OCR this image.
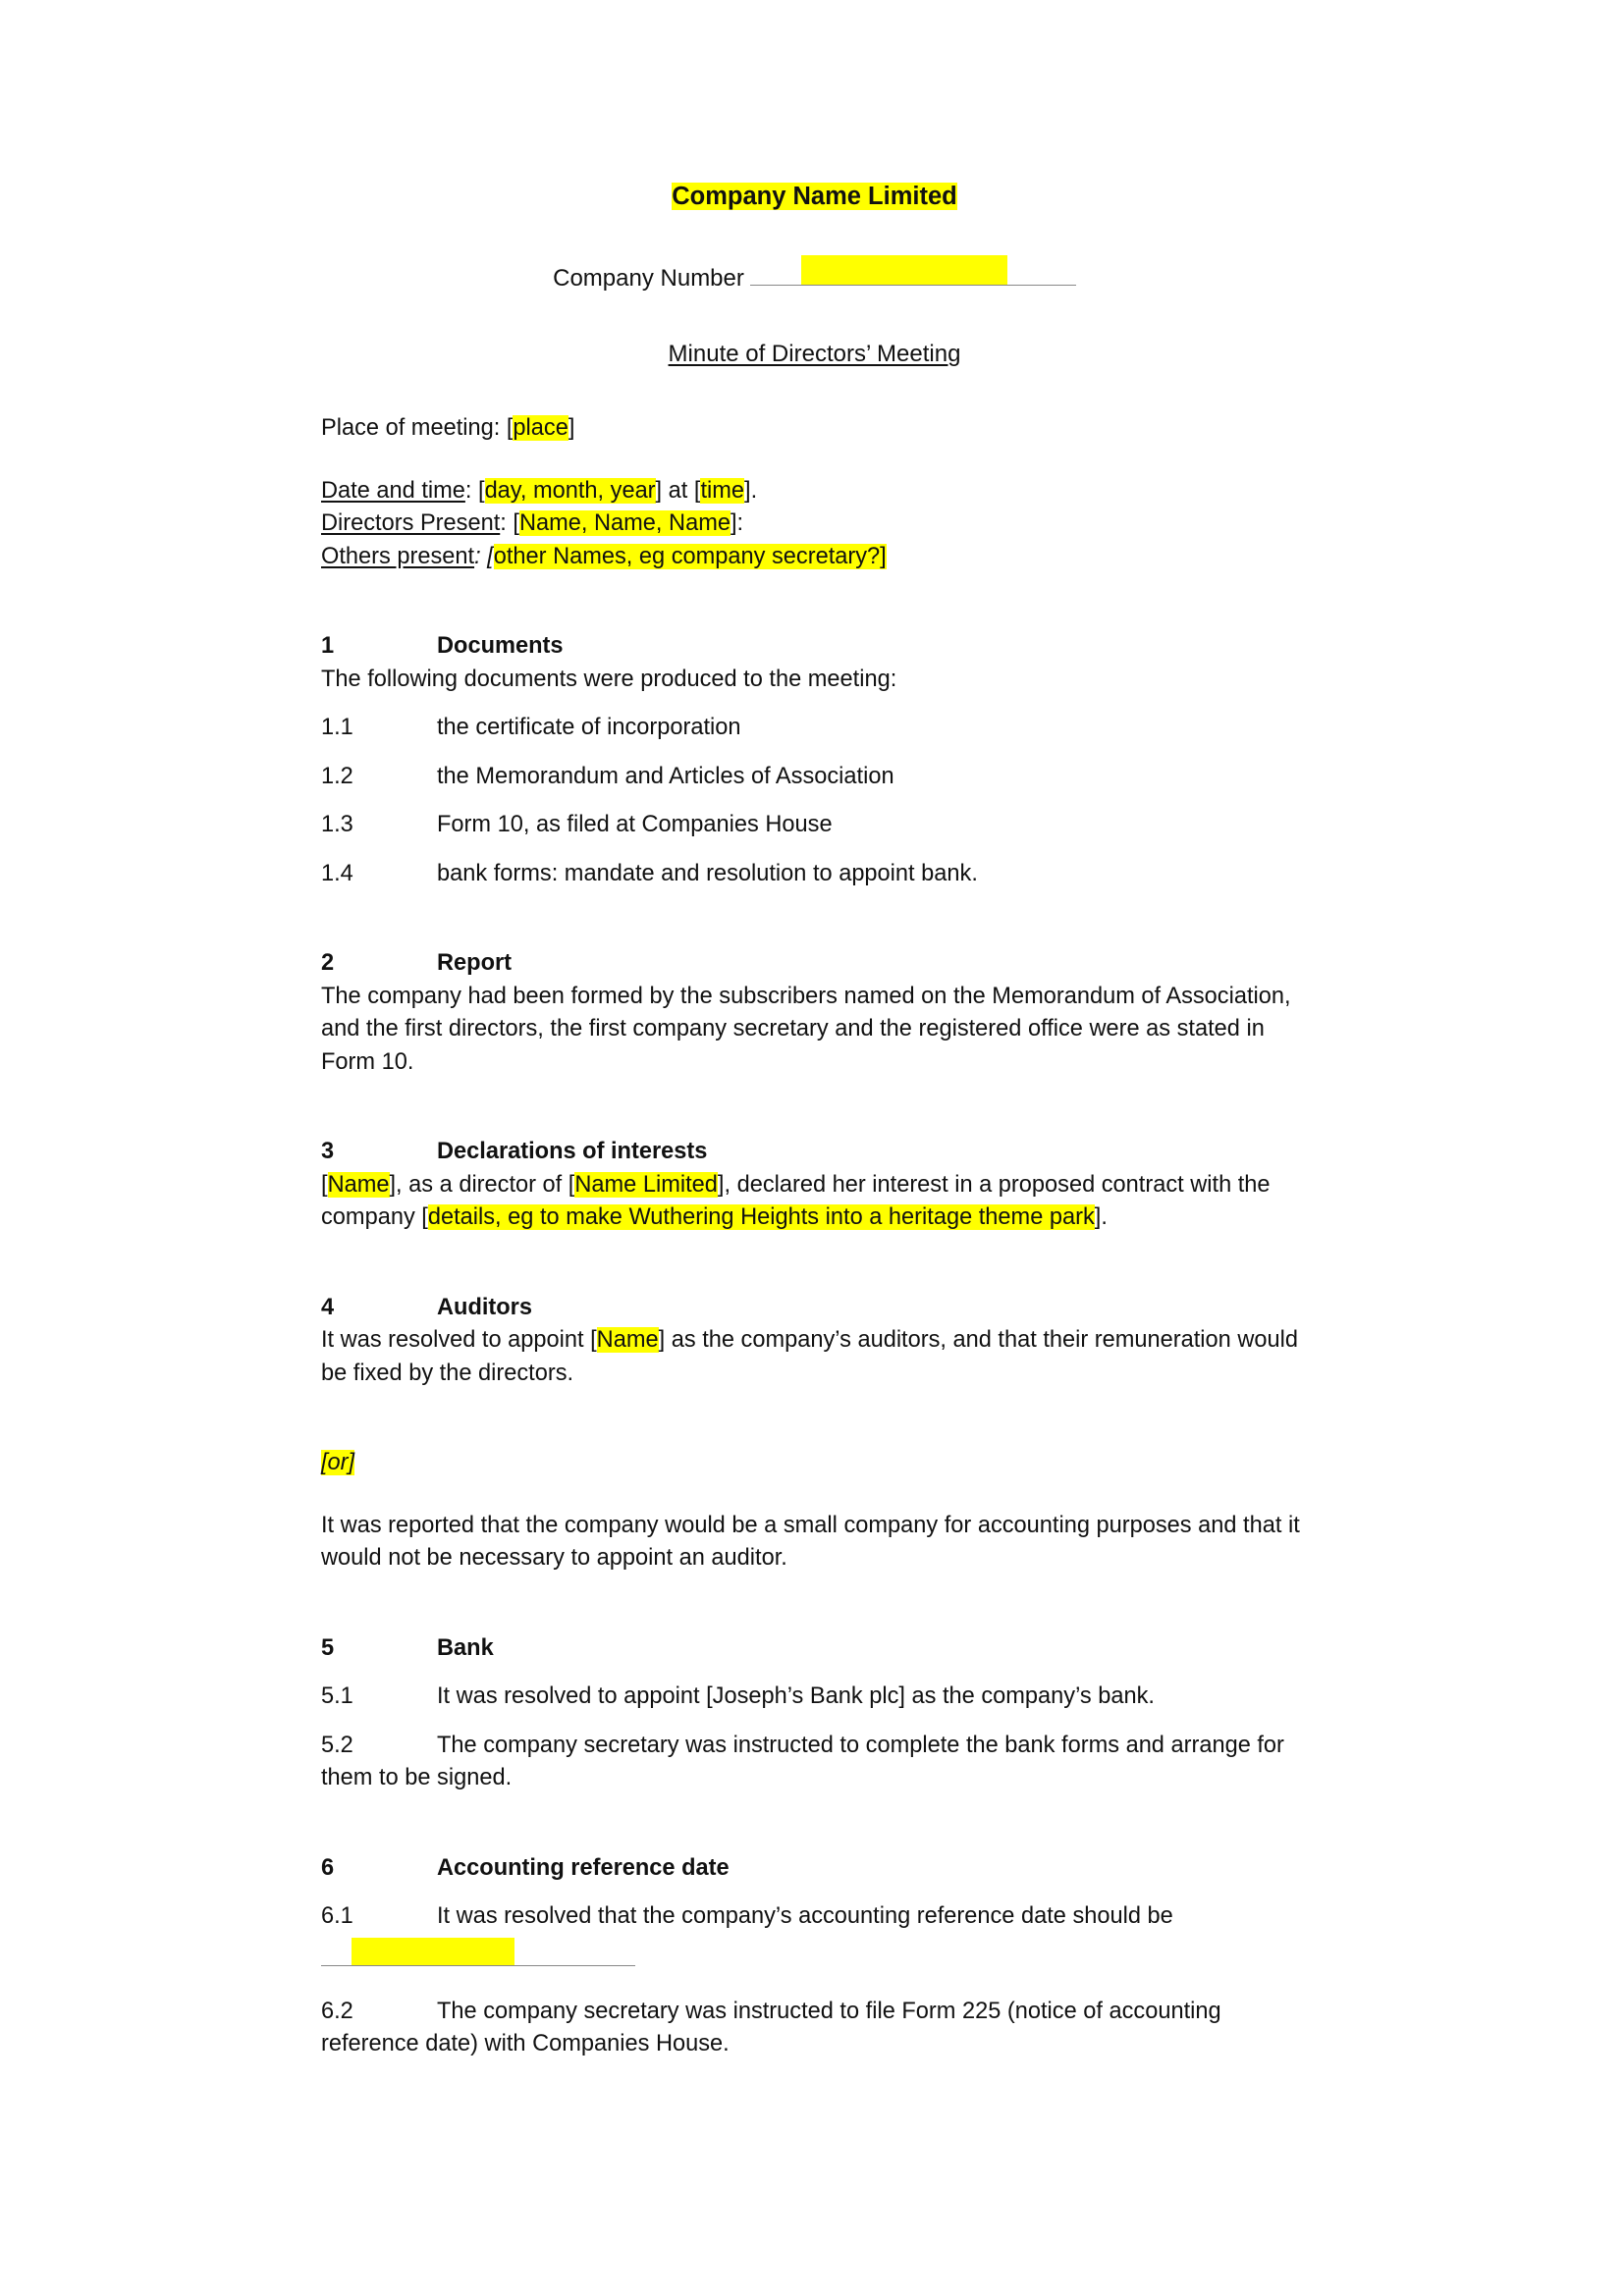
Company Name Limited

Company Number

Minute of Directors’ Meeting

Place of meeting: [place]

Date and time: [day, month, year] at [time].

Directors Present: [Name, Name, Name]:

Others present: [other Names, eg company secretary?]

1	Documents

The following documents were produced to the meeting:

1.1	the certificate of incorporation

1.2	the Memorandum and Articles of Association

1.3	Form 10, as filed at Companies House

1.4	bank forms: mandate and resolution to appoint bank.

2	Report

The company had been formed by the subscribers named on the Memorandum of Association, and the first directors, the first company secretary and the registered office were as stated in Form 10.

3	Declarations of interests

[Name], as a director of [Name Limited], declared her interest in a proposed contract with the company [details, eg to make Wuthering Heights into a heritage theme park].

4	Auditors

It was resolved to appoint [Name] as the company’s auditors, and that their remuneration would be fixed by the directors.

[or]

It was reported that the company would be a small company for accounting purposes and that it would not be necessary to appoint an auditor.

5	Bank

5.1	It was resolved to appoint [Joseph’s Bank plc] as the company’s bank.

5.2	The company secretary was instructed to complete the bank forms and arrange for them to be signed.

6	Accounting reference date

6.1	It was resolved that the company’s accounting reference date should be

6.2	The company secretary was instructed to file Form 225 (notice of accounting reference date) with Companies House.
